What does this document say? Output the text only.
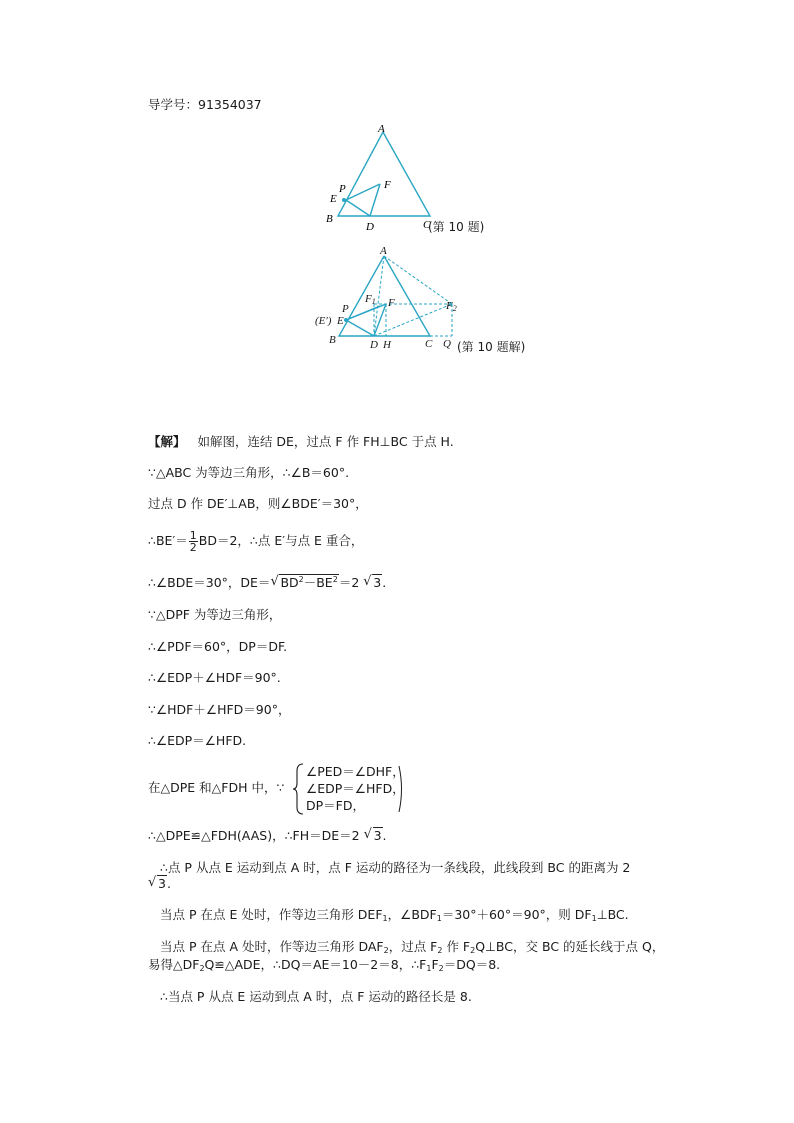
导学号：91354037
A
B	C
D
E
P	F
(第 10 题)
A
B	C
D H	Q
P
$F_1$ F	$F_2$
(E′) E
(第 10 题解)
【解】 如解图，连结 DE，过点 F 作 FH⊥BC 于点 H.
∵△ABC 为等边三角形，∴∠B＝60°.
过点 D 作 DE′⊥AB，则∠BDE′＝30°，
∴BE′＝ $\frac{1}{2} BD=2$，∴点 E′与点 E 重合，
∴∠BDE＝30°，DE＝ √ $BD^2-BE^2=2$ √ 3.
∵△DPF 为等边三角形，
∴∠PDF＝60°，DP＝DF.
∴∠EDP＋∠HDF＝90°.
∵∠HDF＋∠HFD＝90°，
∴∠EDP＝∠HFD.
在△DPE 和△FDH 中，∵
∠PED＝∠DHF，
∠EDP＝∠HFD，
DP＝FD，
∴△DPE≌△FDH(AAS)，∴FH＝DE＝2 √ 3.
∴点 P 从点 E 运动到点 A 时，点 F 运动的路径为一条线段，此线段到 BC 的距离为 2
√ 3.
当点 P 在点 E 处时，作等边三角形 $DEF_1$，$\angle BDF_1=30^\circ+60^\circ=90^\circ$，则 $DF_1\perp BC$.
当点 P 在点 A 处时，作等边三角形 $DAF_2$，过点 $F_2$ 作 $F_2Q\perp BC$，交 BC 的延长线于点 Q，
易得$\triangle DF_2Q≌\triangle ADE$，∴DQ＝AE＝10－2＝8，$\therefore F_1F_2=DQ=8$.
∴当点 P 从点 E 运动到点 A 时，点 F 运动的路径长是 8.
